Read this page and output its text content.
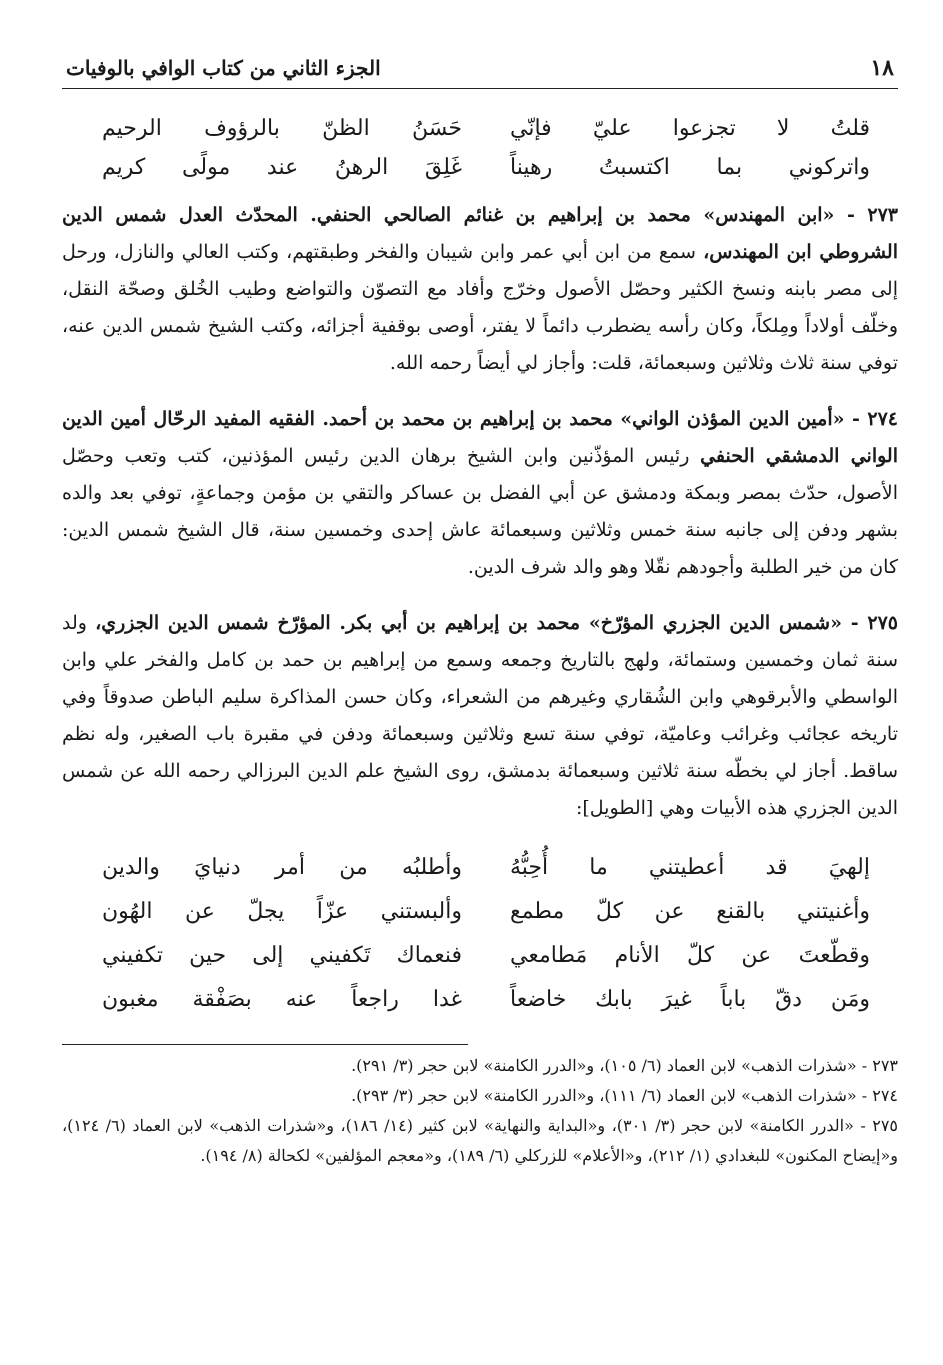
١٨
الجزء الثاني من كتاب الوافي بالوفيات
قلتُ لا تجزعوا عليّ فإنّي
حَسَنُ الظنّ بالرؤوف الرحيم
واتركوني بما اكتسبتُ رهيناً
غَلِقَ الرهنُ عند مولًى كريم

٢٧٣ - «ابن المهندس» محمد بن إبراهيم بن غنائم الصالحي الحنفي. المحدّث العدل شمس الدين الشروطي ابن المهندس، سمع من ابن أبي عمر وابن شيبان والفخر وطبقتهم، وكتب العالي والنازل، ورحل إلى مصر بابنه ونسخ الكثير وحصّل الأصول وخرّج وأفاد مع التصوّن والتواضع وطيب الخُلق وصحّة النقل، وخلّف أولاداً ومِلكاً، وكان رأسه يضطرب دائماً لا يفتر، أوصى بوقفية أجزائه، وكتب الشيخ شمس الدين عنه، توفي سنة ثلاث وثلاثين وسبعمائة، قلت: وأجاز لي أيضاً رحمه الله.

٢٧٤ - «أمين الدين المؤذن الواني» محمد بن إبراهيم بن محمد بن أحمد. الفقيه المفيد الرحّال أمين الدين الواني الدمشقي الحنفي رئيس المؤذّنين وابن الشيخ برهان الدين رئيس المؤذنين، كتب وتعب وحصّل الأصول، حدّث بمصر وبمكة ودمشق عن أبي الفضل بن عساكر والتقي بن مؤمن وجماعةٍ، توفي بعد والده بشهر ودفن إلى جانبه سنة خمس وثلاثين وسبعمائة عاش إحدى وخمسين سنة، قال الشيخ شمس الدين: كان من خير الطلبة وأجودهم نقّلا وهو والد شرف الدين.

٢٧٥ - «شمس الدين الجزري المؤرّخ» محمد بن إبراهيم بن أبي بكر. المؤرّخ شمس الدين الجزري، ولد سنة ثمان وخمسين وستمائة، ولهج بالتاريخ وجمعه وسمع من إبراهيم بن حمد بن كامل والفخر علي وابن الواسطي والأبرقوهي وابن الشُقاري وغيرهم من الشعراء، وكان حسن المذاكرة سليم الباطن صدوقاً وفي تاريخه عجائب وغرائب وعاميّة، توفي سنة تسع وثلاثين وسبعمائة ودفن في مقبرة باب الصغير، وله نظم ساقط. أجاز لي بخطّه سنة ثلاثين وسبعمائة بدمشق، روى الشيخ علم الدين البرزالي رحمه الله عن شمس الدين الجزري هذه الأبيات وهي [الطويل]:

إلهيَ قد أعطيتني ما أُحِبُّهُ
وأطلبُه من أمر دنيايَ والدين
وأغنيتني بالقنع عن كلّ مطمع
وألبستني عزّاً يجلّ عن الهُون
وقطّعتَ عن كلّ الأنام مَطامعي
فنعماك تَكفيني إلى حين تكفيني
ومَن دقّ باباً غيرَ بابك خاضعاً
غدا راجعاً عنه بصَفْقة مغبون
٢٧٣ - «شذرات الذهب» لابن العماد (٦/ ١٠٥)، و«الدرر الكامنة» لابن حجر (٣/ ٢٩١).
٢٧٤ - «شذرات الذهب» لابن العماد (٦/ ١١١)، و«الدرر الكامنة» لابن حجر (٣/ ٢٩٣).
٢٧٥ - «الدرر الكامنة» لابن حجر (٣/ ٣٠١)، و«البداية والنهاية» لابن كثير (١٤/ ١٨٦)، و«شذرات الذهب» لابن العماد (٦/ ١٢٤)، و«إيضاح المكنون» للبغدادي (١/ ٢١٢)، و«الأعلام» للزركلي (٦/ ١٨٩)، و«معجم المؤلفين» لكحالة (٨/ ١٩٤).
